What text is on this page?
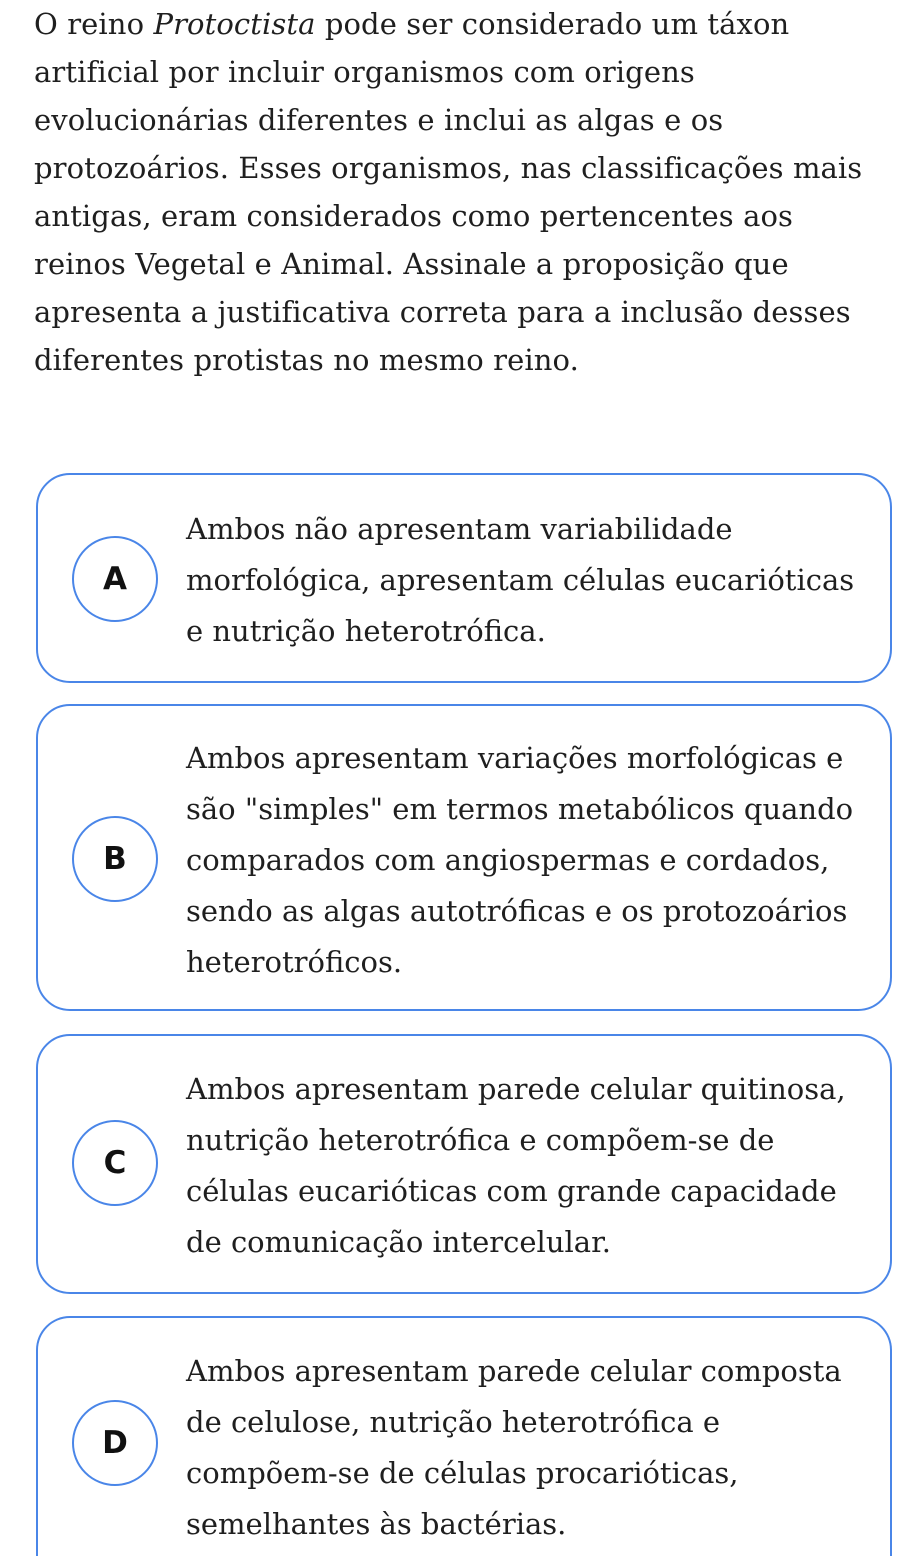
O reino Protoctista pode ser considerado um táxon artificial por incluir organismos com origens evolucionárias diferentes e inclui as algas e os protozoários. Esses organismos, nas classificações mais antigas, eram considerados como pertencentes aos reinos Vegetal e Animal. Assinale a proposição que apresenta a justificativa correta para a inclusão desses diferentes protistas no mesmo reino.

A
Ambos não apresentam variabilidade morfológica, apresentam células eucarióticas e nutrição heterotrófica.
B
Ambos apresentam variações morfológicas e são "simples" em termos metabólicos quando comparados com angiospermas e cordados, sendo as algas autotróficas e os protozoários heterotróficos.
C
Ambos apresentam parede celular quitinosa, nutrição heterotrófica e compõem-se de células eucarióticas com grande capacidade de comunicação intercelular.
D
Ambos apresentam parede celular composta de celulose, nutrição heterotrófica e compõem-se de células procarióticas, semelhantes às bactérias.
